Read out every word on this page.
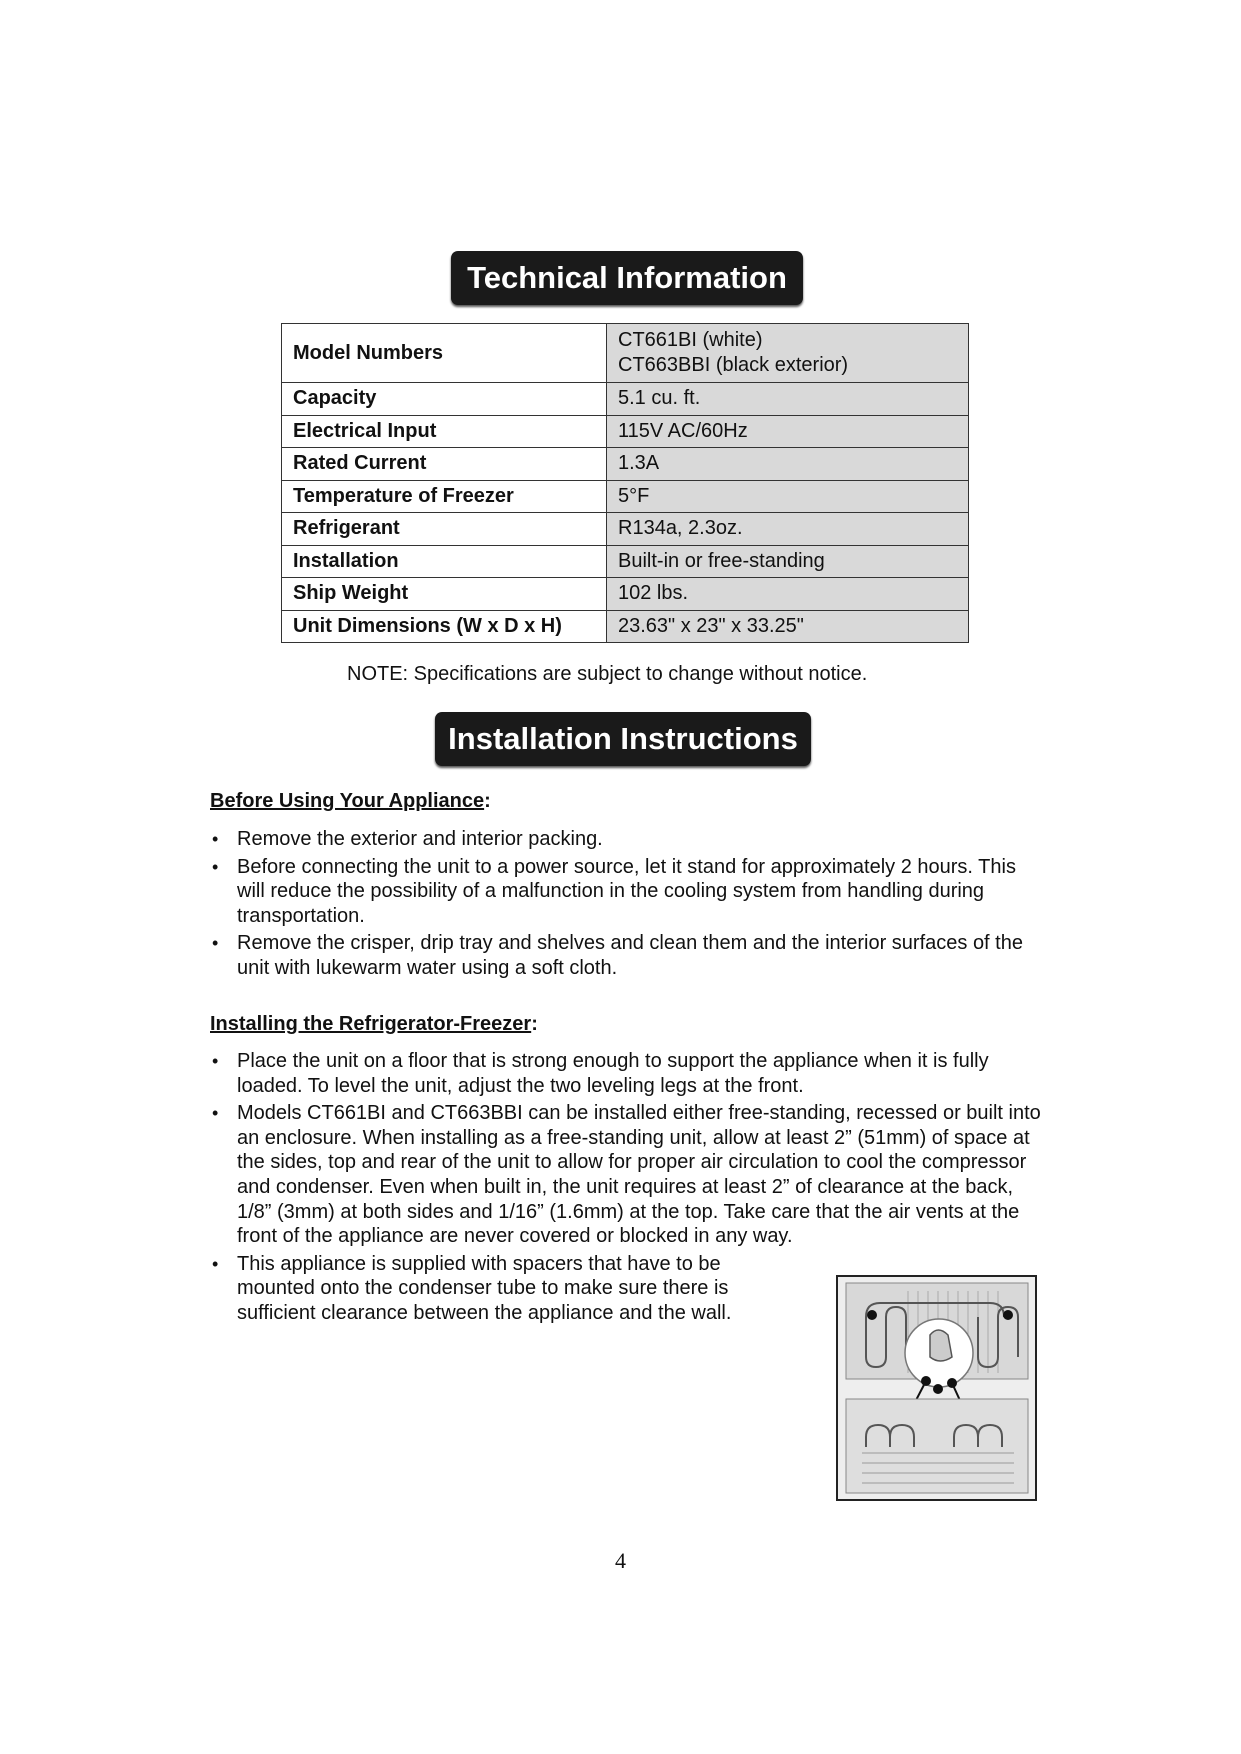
Technical Information
Model Numbers	CT661BI (white)
CT663BBI (black exterior)

Capacity	5.1 cu. ft.
Electrical Input	115V AC/60Hz
Rated Current	1.3A
Temperature of Freezer	5°F
Refrigerant	R134a, 2.3oz.
Installation	Built-in or free-standing
Ship Weight	102 lbs.
Unit Dimensions (W x D x H)	23.63" x 23" x 33.25"
NOTE: Specifications are subject to change without notice.
Installation Instructions
Before Using Your Appliance:
• Remove the exterior and interior packing.
• Before connecting the unit to a power source, let it stand for approximately 2 hours. This will reduce the possibility of a malfunction in the cooling system from handling during transportation.
• Remove the crisper, drip tray and shelves and clean them and the interior surfaces of the unit with lukewarm water using a soft cloth.
Installing the Refrigerator-Freezer:
• Place the unit on a floor that is strong enough to support the appliance when it is fully loaded. To level the unit, adjust the two leveling legs at the front.
• Models CT661BI and CT663BBI can be installed either free-standing, recessed or built into an enclosure. When installing as a free-standing unit, allow at least 2” (51mm) of space at the sides, top and rear of the unit to allow for proper air circulation to cool the compressor and condenser. Even when built in, the unit requires at least 2” of clearance at the back, 1/8” (3mm) at both sides and 1/16” (1.6mm) at the top. Take care that the air vents at the front of the appliance are never covered or blocked in any way.
• This appliance is supplied with spacers that have to be mounted onto the condenser tube to make sure there is sufficient clearance between the appliance and the wall.
4
